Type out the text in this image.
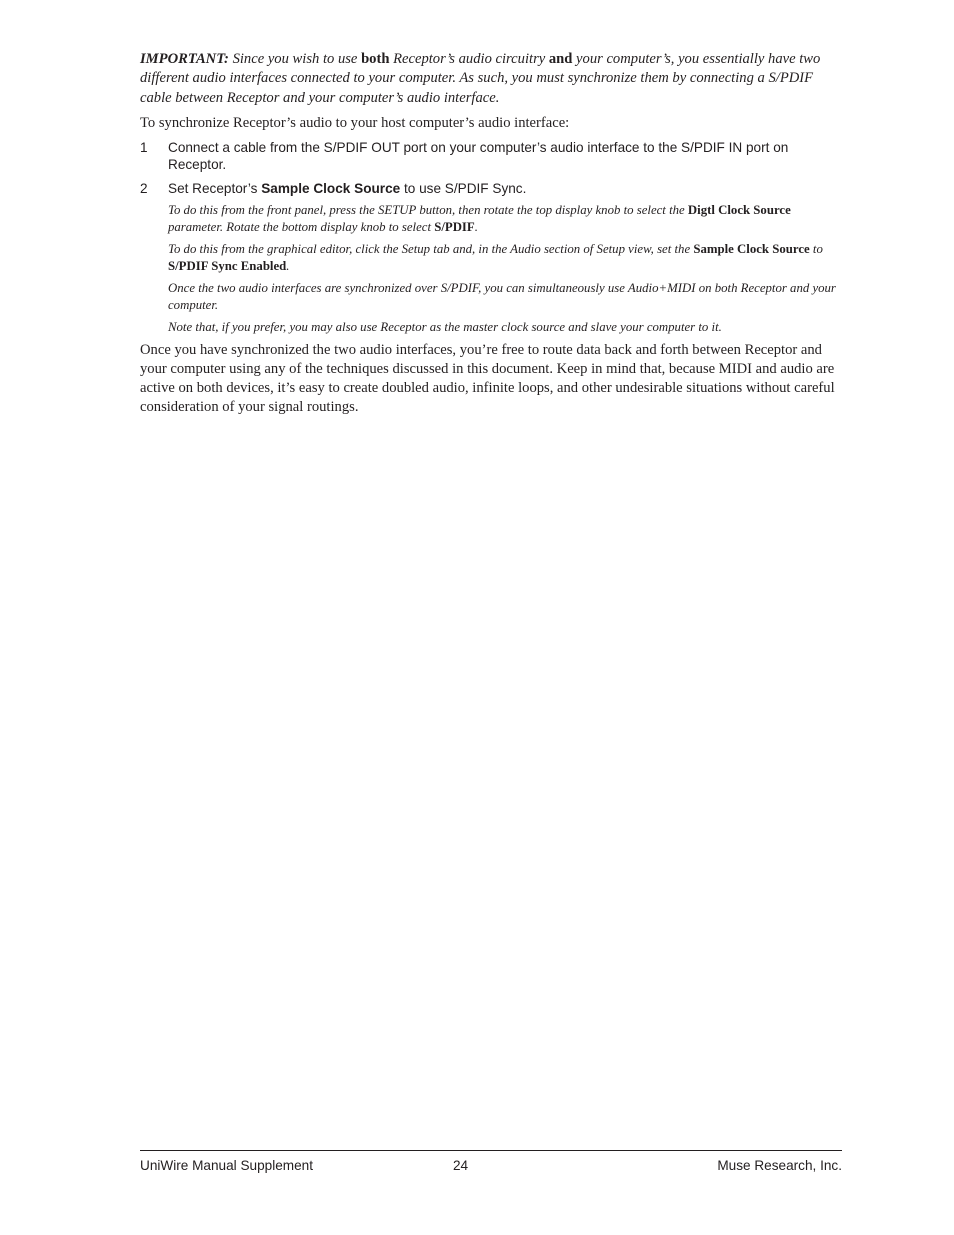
IMPORTANT: Since you wish to use both Receptor’s audio circuitry and your computer’s, you essentially have two different audio interfaces connected to your computer. As such, you must synchronize them by connecting a S/PDIF cable between Receptor and your computer’s audio interface.

To synchronize Receptor’s audio to your host computer’s audio interface:

1	Connect a cable from the S/PDIF OUT port on your computer’s audio interface to the S/PDIF IN port on Receptor.
2	Set Receptor’s Sample Clock Source to use S/PDIF Sync.

To do this from the front panel, press the SETUP button, then rotate the top display knob to select the Digtl Clock Source parameter. Rotate the bottom display knob to select S/PDIF.

To do this from the graphical editor, click the Setup tab and, in the Audio section of Setup view, set the Sample Clock Source to S/PDIF Sync Enabled.

Once the two audio interfaces are synchronized over S/PDIF, you can simultaneously use Audio+MIDI on both Receptor and your computer.

Note that, if you prefer, you may also use Receptor as the master clock source and slave your computer to it.

Once you have synchronized the two audio interfaces, you’re free to route data back and forth between Receptor and your computer using any of the techniques discussed in this document. Keep in mind that, because MIDI and audio are active on both devices, it’s easy to create doubled audio, infinite loops, and other undesirable situations without careful consideration of your signal routings.

UniWire Manual Supplement	24	Muse Research, Inc.
